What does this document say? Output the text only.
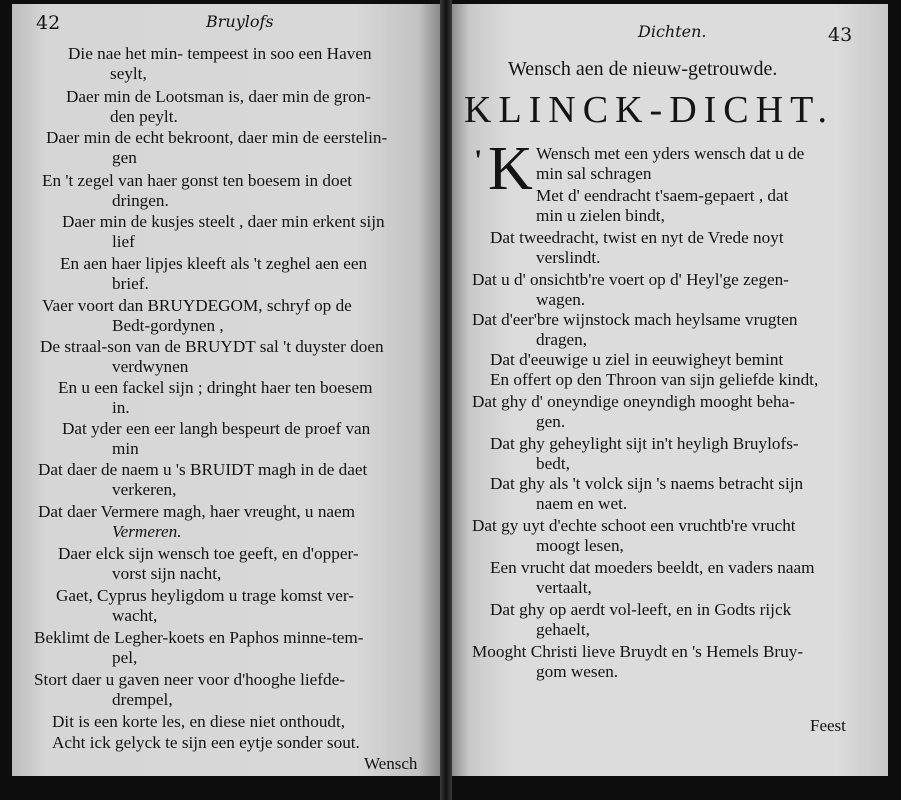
42	Bruylofs
Die nae het min- tempeest in soo een Haven
seylt,
Daer min de Lootsman is, daer min de gron-
den peylt.
Daer min de echt bekroont, daer min de eerstelin-
gen
En 't zegel van haer gonst ten boesem in doet
dringen.
Daer min de kusjes steelt , daer min erkent sijn
lief
En aen haer lipjes kleeft als 't zeghel aen een
brief.
Vaer voort dan BRUYDEGOM, schryf op de
Bedt-gordynen ,
De straal-son van de BRUYDT sal 't duyster doen
verdwynen
En u een fackel sijn ; dringht haer ten boesem
in.
Dat yder een eer langh bespeurt de proef van
min
Dat daer de naem u 's BRUIDT magh in de daet
verkeren,
Dat daer Vermere magh, haer vreught, u naem
Vermeren.
Daer elck sijn wensch toe geeft, en d'opper-
vorst sijn nacht,
Gaet, Cyprus heyligdom u trage komst ver-
wacht,
Beklimt de Legher-koets en Paphos minne-tem-
pel,
Stort daer u gaven neer voor d'hooghe liefde-
drempel,
Dit is een korte les, en diese niet onthoudt,
Acht ick gelyck te sijn een eytje sonder sout.
Wensch
Dichten.	43
Wensch aen de nieuw-getrouwde.
KLINCK-DICHT.
' K Wensch met een yders wensch dat u de
min sal schragen
Met d' eendracht t'saem-gepaert , dat
min u zielen bindt,
Dat tweedracht, twist en nyt de Vrede noyt
verslindt.
Dat u d' onsichtb're voert op d' Heyl'ge zegen-
wagen.
Dat d'eer'bre wijnstock mach heylsame vrugten
dragen,
Dat d'eeuwige u ziel in eeuwigheyt bemint
En offert op den Throon van sijn geliefde kindt,
Dat ghy d' oneyndige oneyndigh mooght beha-
gen.
Dat ghy geheylight sijt in't heyligh Bruylofs-
bedt,
Dat ghy als 't volck sijn 's naems betracht sijn
naem en wet.
Dat gy uyt d'echte schoot een vruchtb're vrucht
moogt lesen,
Een vrucht dat moeders beeldt, en vaders naam
vertaalt,
Dat ghy op aerdt vol-leeft, en in Godts rijck
gehaelt,
Mooght Christi lieve Bruydt en 's Hemels Bruy-
gom wesen.
Feest
